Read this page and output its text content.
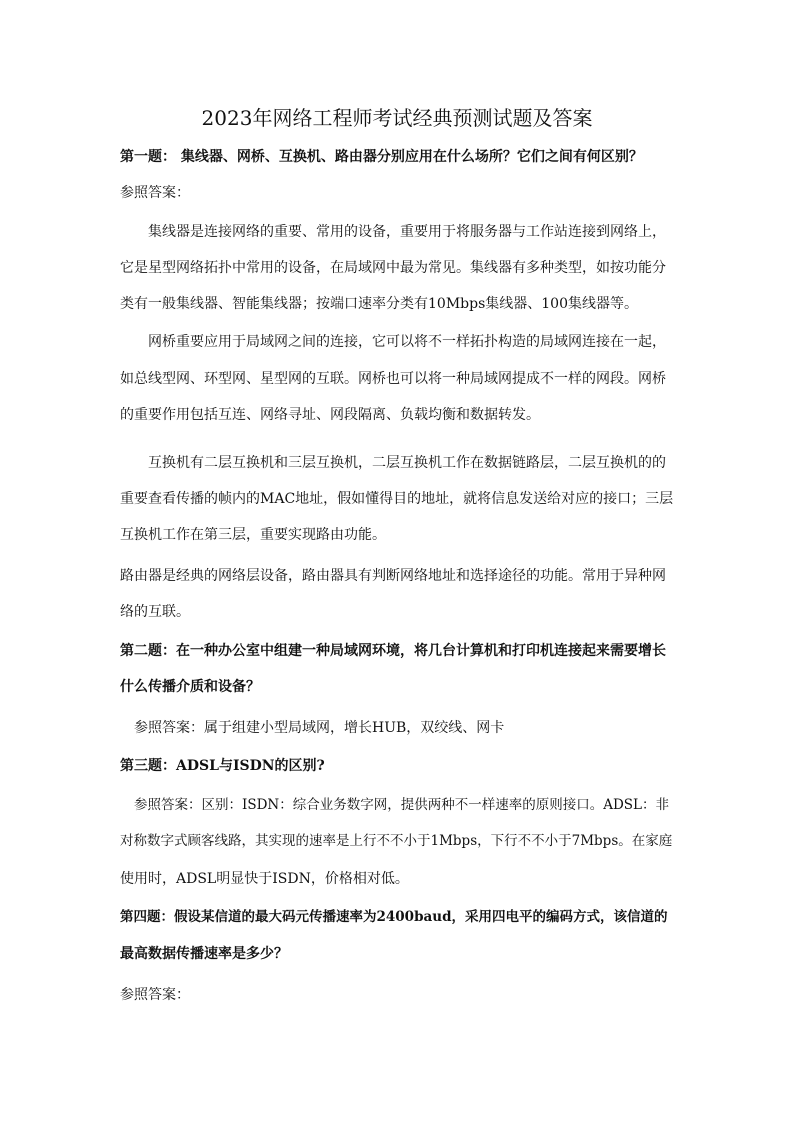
2023年网络工程师考试经典预测试题及答案
第一题： 集线器、网桥、互换机、路由器分别应用在什么场所？它们之间有何区别？
参照答案：
集线器是连接网络的重要、常用的设备，重要用于将服务器与工作站连接到网络上，
它是星型网络拓扑中常用的设备，在局域网中最为常见。集线器有多种类型，如按功能分
类有一般集线器、智能集线器；按端口速率分类有10Mbps集线器、100集线器等。
网桥重要应用于局域网之间的连接，它可以将不一样拓扑构造的局域网连接在一起，
如总线型网、环型网、星型网的互联。网桥也可以将一种局域网提成不一样的网段。网桥
的重要作用包括互连、网络寻址、网段隔离、负载均衡和数据转发。
互换机有二层互换机和三层互换机，二层互换机工作在数据链路层，二层互换机的的
重要查看传播的帧内的MAC地址，假如懂得目的地址，就将信息发送给对应的接口；三层
互换机工作在第三层，重要实现路由功能。
路由器是经典的网络层设备，路由器具有判断网络地址和选择途径的功能。常用于异种网
络的互联。
第二题：在一种办公室中组建一种局域网环境，将几台计算机和打印机连接起来需要增长
什么传播介质和设备？
参照答案：属于组建小型局域网，增长HUB，双绞线、网卡
第三题：ADSL与ISDN的区别?
参照答案：区别：ISDN：综合业务数字网，提供两种不一样速率的原则接口。ADSL：非
对称数字式顾客线路，其实现的速率是上行不不小于1Mbps，下行不不小于7Mbps。在家庭
使用时，ADSL明显快于ISDN，价格相对低。
第四题：假设某信道的最大码元传播速率为2400baud，采用四电平的编码方式，该信道的
最高数据传播速率是多少？
参照答案：
